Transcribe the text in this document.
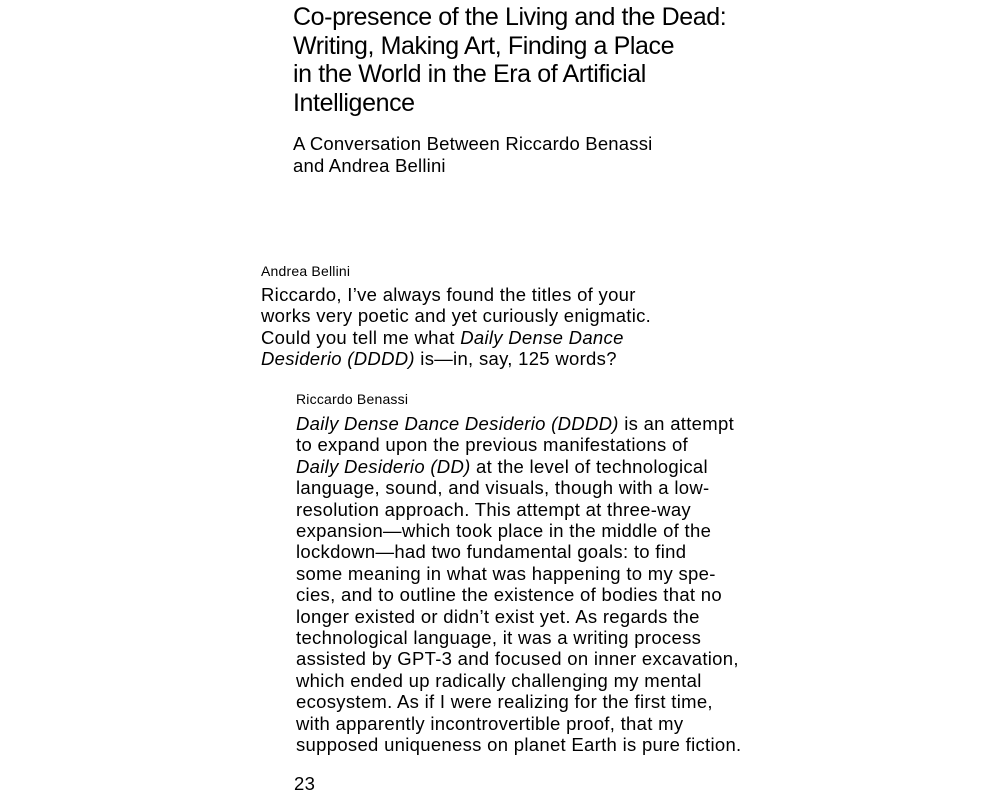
Co-presence of the Living and the Dead:
Writing, Making Art, Finding a Place
in the World in the Era of Artificial
Intelligence
A Conversation Between Riccardo Benassi
and Andrea Bellini
Andrea Bellini
Riccardo, I’ve always found the titles of your
works very poetic and yet curiously enigmatic.
Could you tell me what Daily Dense Dance
Desiderio (DDDD) is—in, say, 125 words?
Riccardo Benassi
Daily Dense Dance Desiderio (DDDD) is an attempt
to expand upon the previous manifestations of
Daily Desiderio (DD) at the level of technological
language, sound, and visuals, though with a low-
resolution approach. This attempt at three-way
expansion—which took place in the middle of the
lockdown—had two fundamental goals: to find
some meaning in what was happening to my spe-
cies, and to outline the existence of bodies that no
longer existed or didn’t exist yet. As regards the
technological language, it was a writing process
assisted by GPT-3 and focused on inner excavation,
which ended up radically challenging my mental
ecosystem. As if I were realizing for the first time,
with apparently incontrovertible proof, that my
supposed uniqueness on planet Earth is pure fiction.
23
